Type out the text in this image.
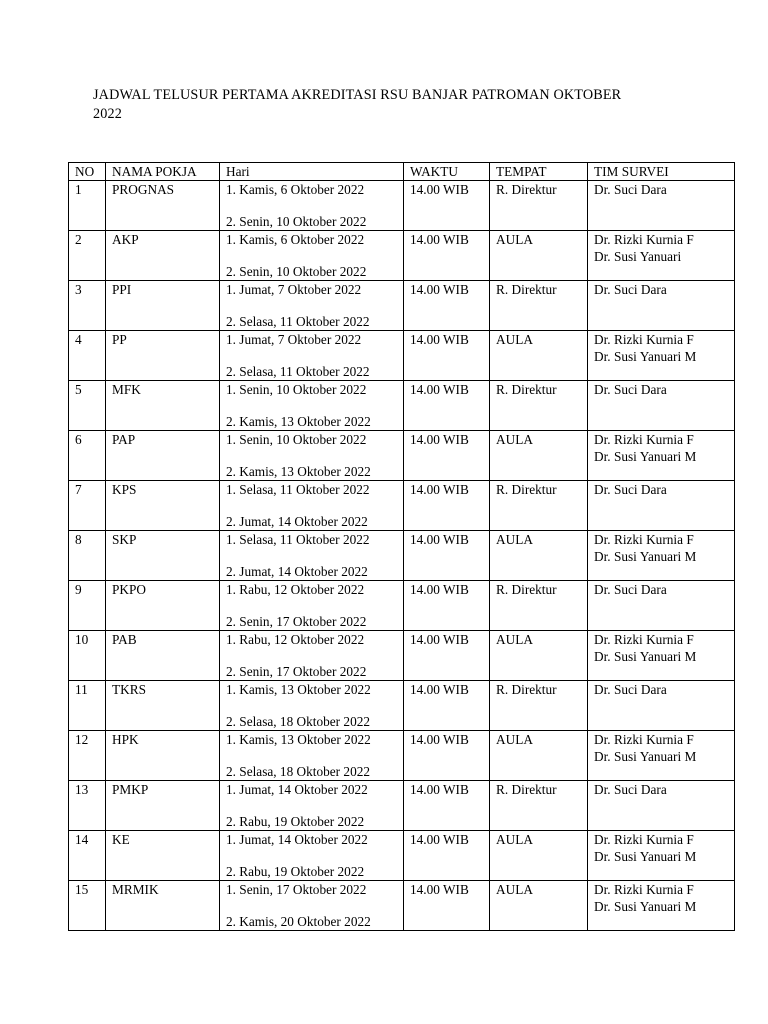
JADWAL TELUSUR PERTAMA AKREDITASI RSU BANJAR PATROMAN OKTOBER
2022
NO	NAMA POKJA	Hari	WAKTU	TEMPAT	TIM SURVEI
1	PROGNAS	1. Kamis, 6 Oktober 2022
2. Senin, 10 Oktober 2022	14.00 WIB	R. Direktur	Dr. Suci Dara

2	AKP	1. Kamis, 6 Oktober 2022
2. Senin, 10 Oktober 2022	14.00 WIB	AULA	Dr. Rizki Kurnia F
Dr. Susi Yanuari

3	PPI	1. Jumat, 7 Oktober 2022
2. Selasa, 11 Oktober 2022	14.00 WIB	R. Direktur	Dr. Suci Dara

4	PP	1. Jumat, 7 Oktober 2022
2. Selasa, 11 Oktober 2022	14.00 WIB	AULA	Dr. Rizki Kurnia F
Dr. Susi Yanuari M

5	MFK	1. Senin, 10 Oktober 2022
2. Kamis, 13 Oktober 2022	14.00 WIB	R. Direktur	Dr. Suci Dara

6	PAP	1. Senin, 10 Oktober 2022
2. Kamis, 13 Oktober 2022	14.00 WIB	AULA	Dr. Rizki Kurnia F
Dr. Susi Yanuari M

7	KPS	1. Selasa, 11 Oktober 2022
2. Jumat, 14 Oktober 2022	14.00 WIB	R. Direktur	Dr. Suci Dara

8	SKP	1. Selasa, 11 Oktober 2022
2. Jumat, 14 Oktober 2022	14.00 WIB	AULA	Dr. Rizki Kurnia F
Dr. Susi Yanuari M

9	PKPO	1. Rabu, 12 Oktober 2022
2. Senin, 17 Oktober 2022	14.00 WIB	R. Direktur	Dr. Suci Dara

10	PAB	1. Rabu, 12 Oktober 2022
2. Senin, 17 Oktober 2022	14.00 WIB	AULA	Dr. Rizki Kurnia F
Dr. Susi Yanuari M

11	TKRS	1. Kamis, 13 Oktober 2022
2. Selasa, 18 Oktober 2022	14.00 WIB	R. Direktur	Dr. Suci Dara

12	HPK	1. Kamis, 13 Oktober 2022
2. Selasa, 18 Oktober 2022	14.00 WIB	AULA	Dr. Rizki Kurnia F
Dr. Susi Yanuari M

13	PMKP	1. Jumat, 14 Oktober 2022
2. Rabu, 19 Oktober 2022	14.00 WIB	R. Direktur	Dr. Suci Dara

14	KE	1. Jumat, 14 Oktober 2022
2. Rabu, 19 Oktober 2022	14.00 WIB	AULA	Dr. Rizki Kurnia F
Dr. Susi Yanuari M

15	MRMIK	1. Senin, 17 Oktober 2022
2. Kamis, 20 Oktober 2022	14.00 WIB	AULA	Dr. Rizki Kurnia F
Dr. Susi Yanuari M
